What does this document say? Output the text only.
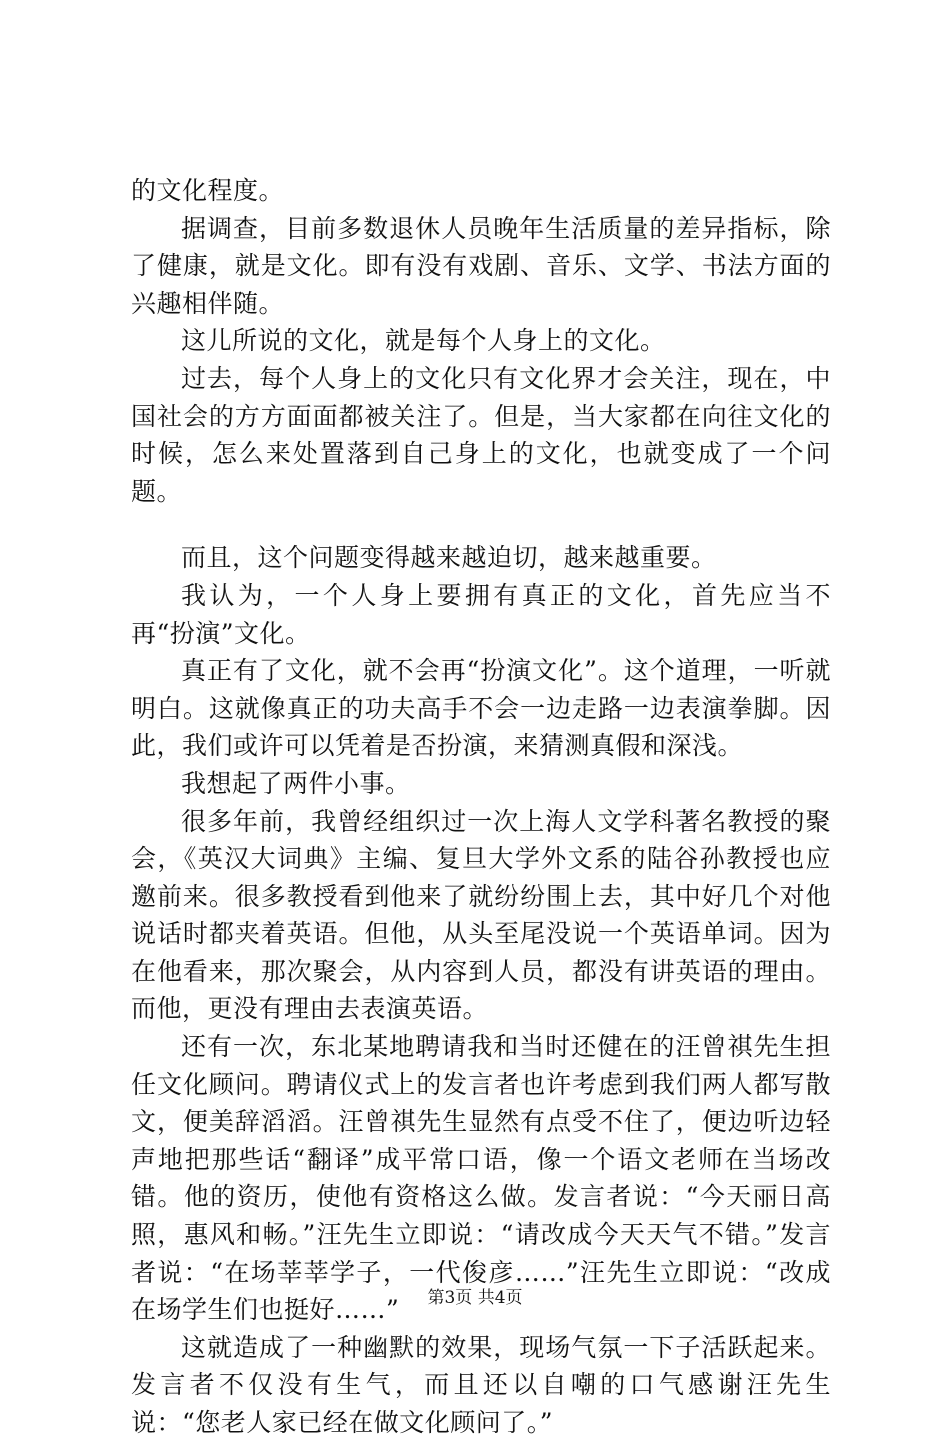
的文化程度。

据调查，目前多数退休人员晚年生活质量的差异指标，除了健康，就是文化。即有没有戏剧、音乐、文学、书法方面的兴趣相伴随。

这儿所说的文化，就是每个人身上的文化。

过去，每个人身上的文化只有文化界才会关注，现在，中国社会的方方面面都被关注了。但是，当大家都在向往文化的时候，怎么来处置落到自己身上的文化，也就变成了一个问题。

而且，这个问题变得越来越迫切，越来越重要。

我认为，一个人身上要拥有真正的文化，首先应当不再“扮演”文化。

真正有了文化，就不会再“扮演文化”。这个道理，一听就明白。这就像真正的功夫高手不会一边走路一边表演拳脚。因此，我们或许可以凭着是否扮演，来猜测真假和深浅。

我想起了两件小事。

很多年前，我曾经组织过一次上海人文学科著名教授的聚会，《英汉大词典》主编、复旦大学外文系的陆谷孙教授也应邀前来。很多教授看到他来了就纷纷围上去，其中好几个对他说话时都夹着英语。但他，从头至尾没说一个英语单词。因为在他看来，那次聚会，从内容到人员，都没有讲英语的理由。而他，更没有理由去表演英语。

还有一次，东北某地聘请我和当时还健在的汪曾祺先生担任文化顾问。聘请仪式上的发言者也许考虑到我们两人都写散文，便美辞滔滔。汪曾祺先生显然有点受不住了，便边听边轻声地把那些话“翻译”成平常口语，像一个语文老师在当场改错。他的资历，使他有资格这么做。发言者说：“今天丽日高照，惠风和畅。”汪先生立即说：“请改成今天天气不错。”发言者说：“在场莘莘学子，一代俊彦……”汪先生立即说：“改成在场学生们也挺好……”

这就造成了一种幽默的效果，现场气氛一下子活跃起来。发言者不仅没有生气，而且还以自嘲的口气感谢汪先生说：“您老人家已经在做文化顾问了。”

第3页 共4页
